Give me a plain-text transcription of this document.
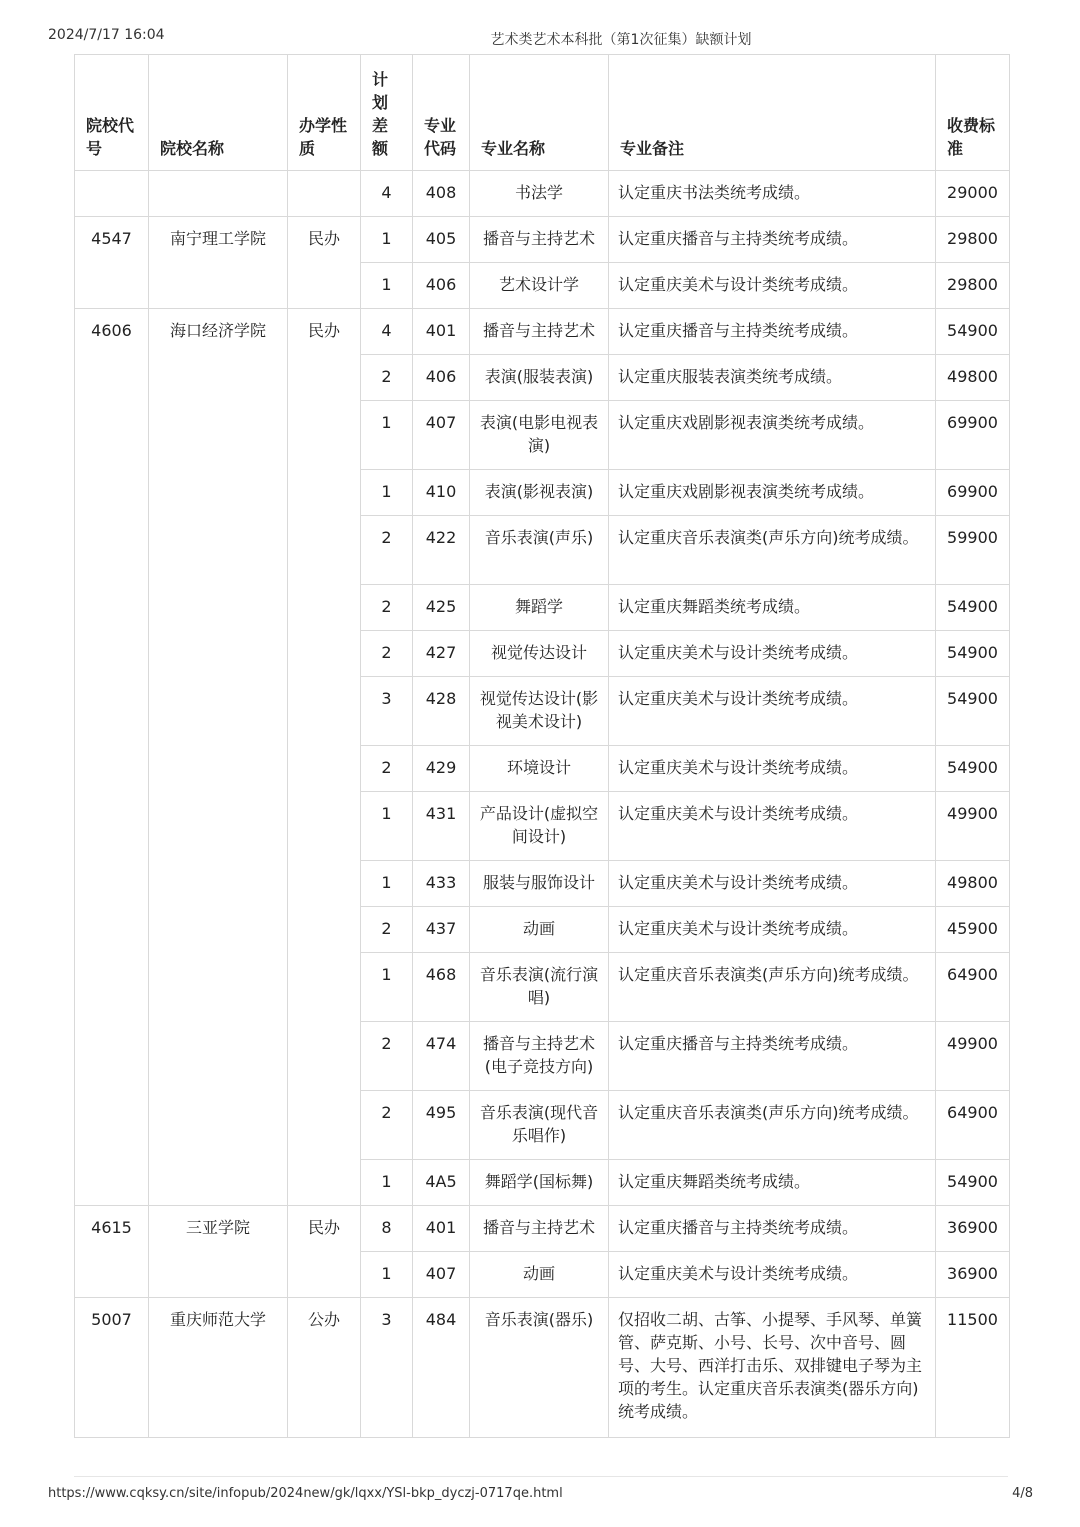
2024/7/17 16:04	艺术类艺术本科批（第1次征集）缺额计划
院校代号	院校名称	办学性质	计划差额	专业代码	专业名称	专业备注	收费标准
			4	408	书法学	认定重庆书法类统考成绩。	29000
4547	南宁理工学院	民办	1	405	播音与主持艺术	认定重庆播音与主持类统考成绩。	29800
			1	406	艺术设计学	认定重庆美术与设计类统考成绩。	29800
4606	海口经济学院	民办	4	401	播音与主持艺术	认定重庆播音与主持类统考成绩。	54900
			2	406	表演(服装表演)	认定重庆服装表演类统考成绩。	49800
			1	407	表演(电影电视表演)	认定重庆戏剧影视表演类统考成绩。	69900
			1	410	表演(影视表演)	认定重庆戏剧影视表演类统考成绩。	69900
			2	422	音乐表演(声乐)	认定重庆音乐表演类(声乐方向)统考成绩。	59900
			2	425	舞蹈学	认定重庆舞蹈类统考成绩。	54900
			2	427	视觉传达设计	认定重庆美术与设计类统考成绩。	54900
			3	428	视觉传达设计(影视美术设计)	认定重庆美术与设计类统考成绩。	54900
			2	429	环境设计	认定重庆美术与设计类统考成绩。	54900
			1	431	产品设计(虚拟空间设计)	认定重庆美术与设计类统考成绩。	49900
			1	433	服装与服饰设计	认定重庆美术与设计类统考成绩。	49800
			2	437	动画	认定重庆美术与设计类统考成绩。	45900
			1	468	音乐表演(流行演唱)	认定重庆音乐表演类(声乐方向)统考成绩。	64900
			2	474	播音与主持艺术(电子竞技方向)	认定重庆播音与主持类统考成绩。	49900
			2	495	音乐表演(现代音乐唱作)	认定重庆音乐表演类(声乐方向)统考成绩。	64900
			1	4A5	舞蹈学(国标舞)	认定重庆舞蹈类统考成绩。	54900
4615	三亚学院	民办	8	401	播音与主持艺术	认定重庆播音与主持类统考成绩。	36900
			1	407	动画	认定重庆美术与设计类统考成绩。	36900
5007	重庆师范大学	公办	3	484	音乐表演(器乐)	仅招收二胡、古筝、小提琴、手风琴、单簧管、萨克斯、小号、长号、次中音号、圆号、大号、西洋打击乐、双排键电子琴为主项的考生。认定重庆音乐表演类(器乐方向)统考成绩。	11500
https://www.cqksy.cn/site/infopub/2024new/gk/lqxx/YSl-bkp_dyczj-0717qe.html	4/8
